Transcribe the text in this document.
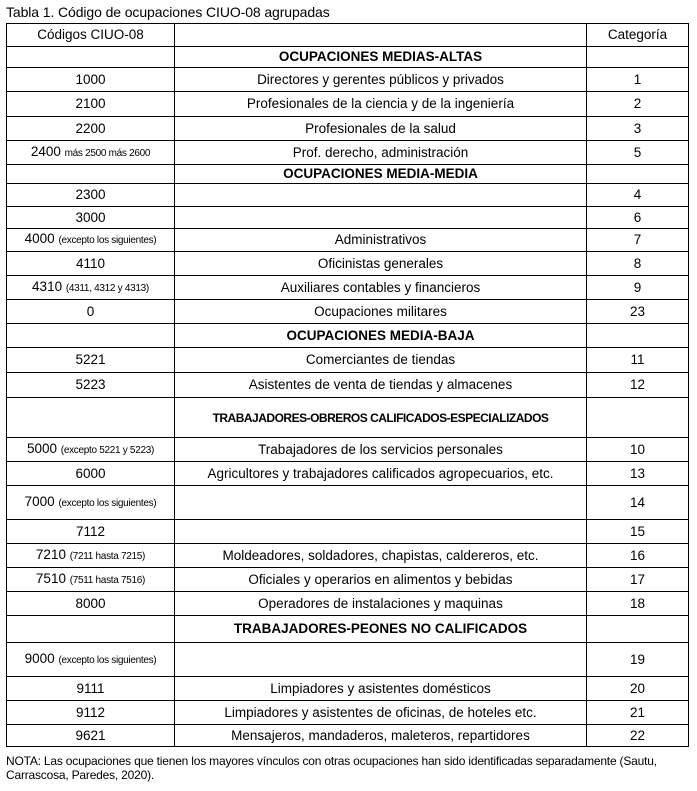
Tabla 1. Código de ocupaciones CIUO-08 agrupadas
Códigos CIUO-08		Categoría
	OCUPACIONES MEDIAS-ALTAS	
1000	Directores y gerentes públicos y privados	1
2100	Profesionales de la ciencia y de la ingeniería	2
2200	Profesionales de la salud	3
2400 más 2500 más 2600	Prof. derecho, administración	5
	OCUPACIONES MEDIA-MEDIA	
2300		4
3000		6
4000 (excepto los siguientes)	Administrativos	7
4110	Oficinistas generales	8
4310 (4311, 4312 y 4313)	Auxiliares contables y financieros	9
0	Ocupaciones militares	23
	OCUPACIONES MEDIA-BAJA	
5221	Comerciantes de tiendas	11
5223	Asistentes de venta de tiendas y almacenes	12
	TRABAJADORES-OBREROS CALIFICADOS-ESPECIALIZADOS	
5000 (excepto 5221 y 5223)	Trabajadores de los servicios personales	10
6000	Agricultores y trabajadores calificados agropecuarios, etc.	13
7000 (excepto los siguientes)		14
7112		15
7210 (7211 hasta 7215)	Moldeadores, soldadores, chapistas, caldereros, etc.	16
7510 (7511 hasta 7516)	Oficiales y operarios en alimentos y bebidas	17
8000	Operadores de instalaciones y maquinas	18
	TRABAJADORES-PEONES NO CALIFICADOS	
9000 (excepto los siguientes)		19
9111	Limpiadores y asistentes domésticos	20
9112	Limpiadores y asistentes de oficinas, de hoteles etc.	21
9621	Mensajeros, mandaderos, maleteros, repartidores	22
NOTA: Las ocupaciones que tienen los mayores vínculos con otras ocupaciones han sido identificadas separadamente (Sautu, Carrascosa, Paredes, 2020).
